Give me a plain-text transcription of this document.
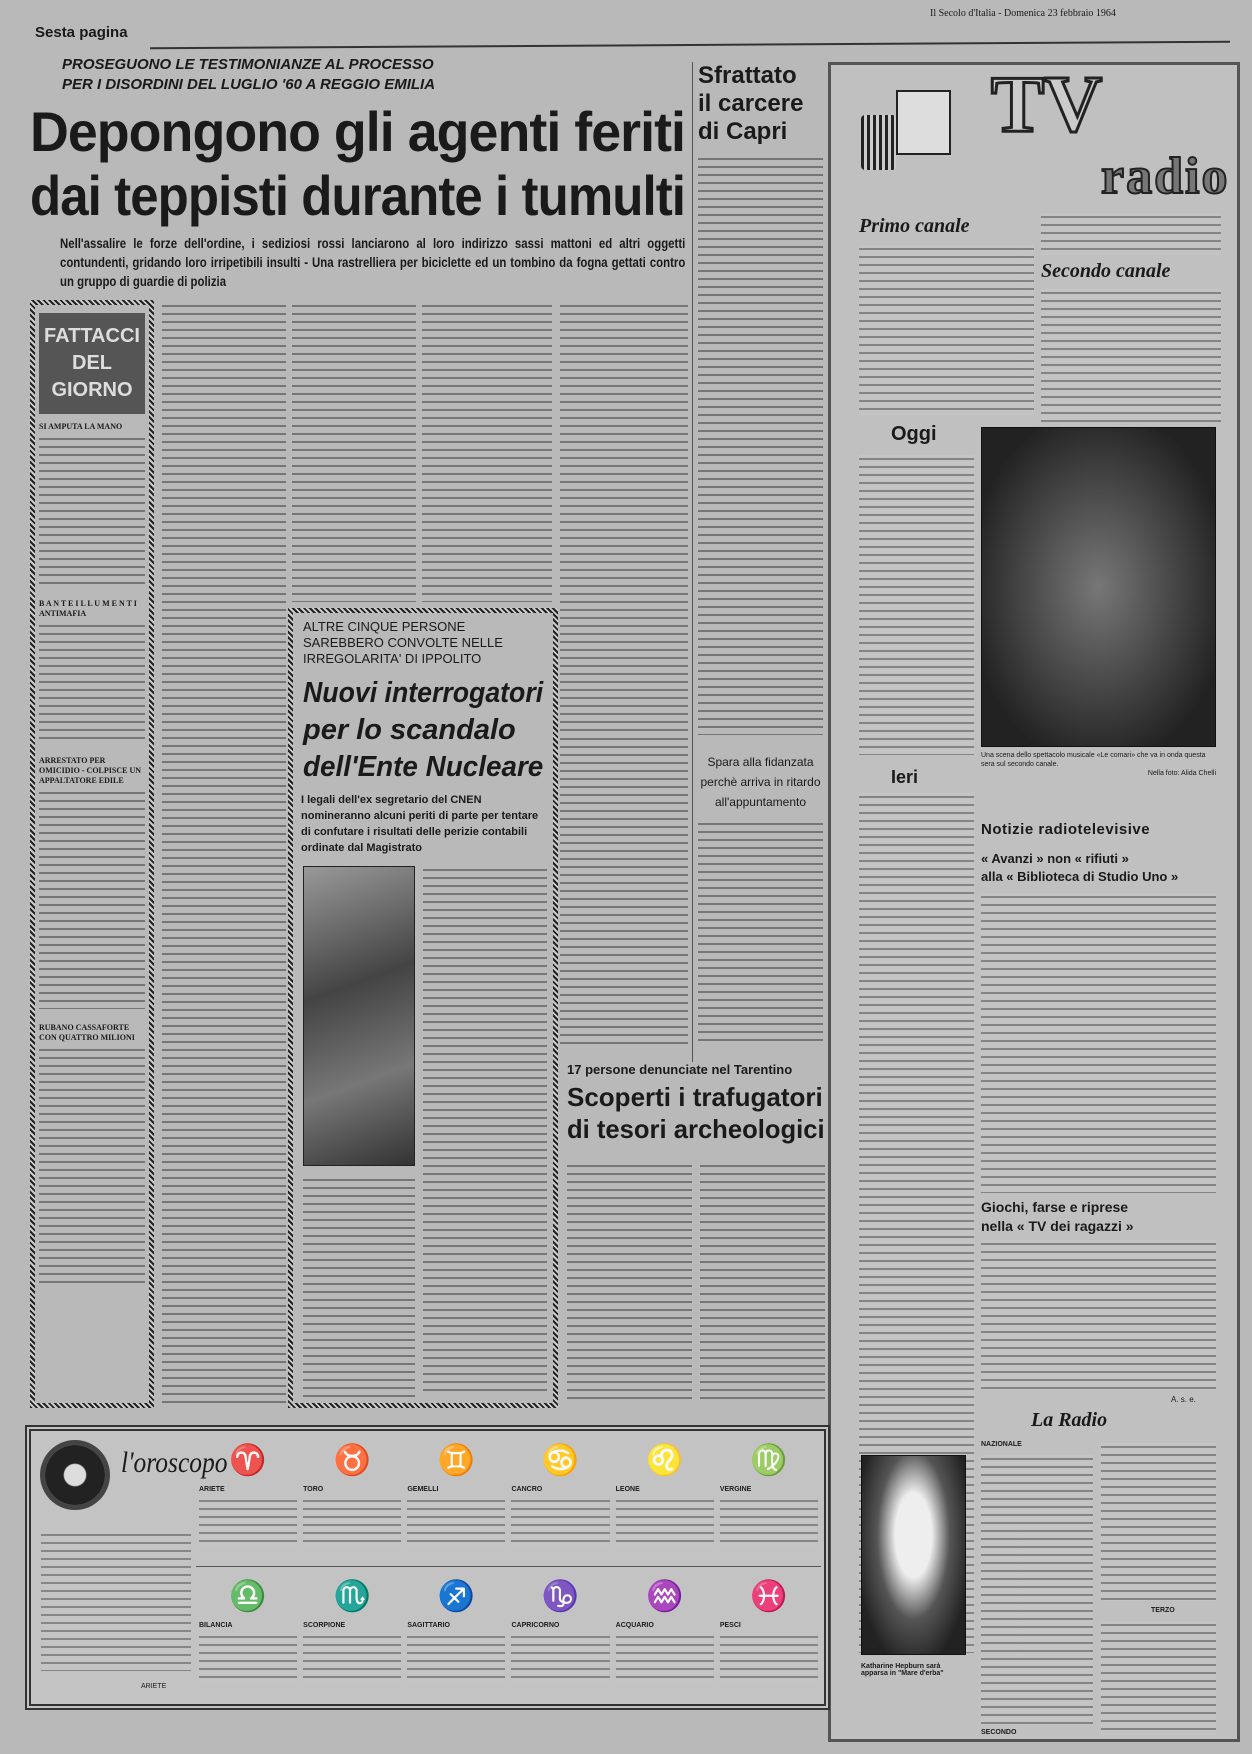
Sesta pagina
Il Secolo d'Italia - Domenica 23 febbraio 1964
PROSEGUONO LE TESTIMONIANZE AL PROCESSO
PER I DISORDINI DEL LUGLIO '60 A REGGIO EMILIA
Depongono gli agenti feriti
dai teppisti durante i tumulti
Nell'assalire le forze dell'ordine, i sediziosi rossi lanciarono al loro indirizzo sassi mattoni ed altri oggetti contundenti, gridando loro irripetibili insulti - Una rastrelliera per biciclette ed un tombino da fogna gettati contro un gruppo di guardie di polizia
FATTACCI
DEL
GIORNO
SI AMPUTA LA MANO
B A N T E I L L U M E N T I ANTIMAFIA
ARRESTATO PER OMICIDIO - COLPISCE UN APPALTATORE EDILE
RUBANO CASSAFORTE CON QUATTRO MILIONI
ALTRE CINQUE PERSONE SAREBBERO CONVOLTE NELLE IRREGOLARITA' DI IPPOLITO
Nuovi interrogatori
per lo scandalo
dell'Ente Nucleare
I legali dell'ex segretario del CNEN nomineranno alcuni periti di parte per tentare di confutare i risultati delle perizie contabili ordinate dal Magistrato
Sfrattato
il carcere
di Capri
Spara alla fidanzata
perchè arriva in ritardo
all'appuntamento
17 persone denunciate nel Tarentino
Scoperti i trafugatori
di tesori archeologici
TV
radio
Primo canale
Secondo canale
Oggi
Ieri
Una scena dello spettacolo musicale «Le comari» che va in onda questa sera sul secondo canale.
Nella foto: Alida Chelli
Notizie radiotelevisive
« Avanzi » non « rifiuti »
alla « Biblioteca di Studio Uno »
Giochi, farse e riprese
nella « TV dei ragazzi »
A. s. e.
La Radio
NAZIONALE
SECONDO
TERZO
Katharine Hepburn sarà apparsa in "Mare d'erba"
l'oroscopo
ARIETE
♈
ARIETE
♉
TORO
♊
GEMELLI
♋
CANCRO
♌
LEONE
♍
VERGINE
♎
BILANCIA
♏
SCORPIONE
♐
SAGITTARIO
♑
CAPRICORNO
♒
ACQUARIO
♓
PESCI
